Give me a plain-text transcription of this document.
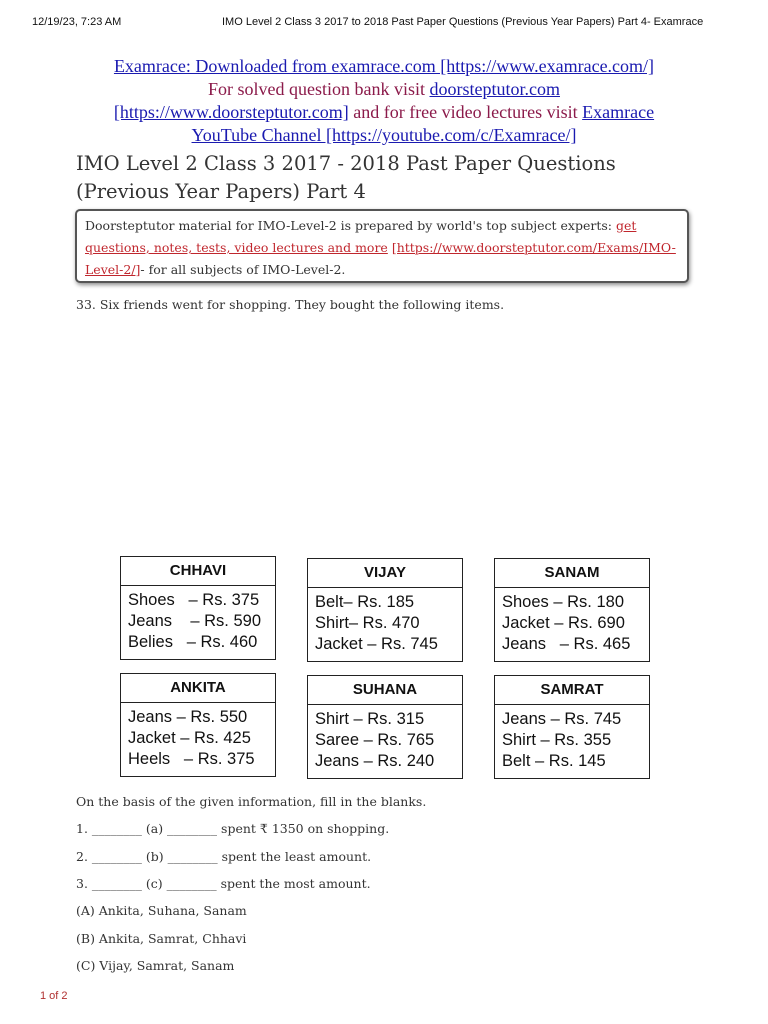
12/19/23, 7:23 AM	IMO Level 2 Class 3 2017 to 2018 Past Paper Questions (Previous Year Papers) Part 4- Examrace
Examrace: Downloaded from examrace.com [https://www.examrace.com/]
For solved question bank visit doorsteptutor.com
[https://www.doorsteptutor.com] and for free video lectures visit Examrace
YouTube Channel [https://youtube.com/c/Examrace/]
IMO Level 2 Class 3 2017 - 2018 Past Paper Questions (Previous Year Papers) Part 4
Doorsteptutor material for IMO-Level-2 is prepared by world's top subject experts: get questions, notes, tests, video lectures and more [https://www.doorsteptutor.com/Exams/IMO-Level-2/]- for all subjects of IMO-Level-2.
33. Six friends went for shopping. They bought the following items.
CHHAVI
Shoes   – Rs. 375
Jeans    – Rs. 590
Belies   – Rs. 460
VIJAY
Belt– Rs. 185
Shirt– Rs. 470
Jacket – Rs. 745
SANAM
Shoes – Rs. 180
Jacket – Rs. 690
Jeans   – Rs. 465
ANKITA
Jeans – Rs. 550
Jacket – Rs. 425
Heels   – Rs. 375
SUHANA
Shirt – Rs. 315
Saree – Rs. 765
Jeans – Rs. 240
SAMRAT
Jeans – Rs. 745
Shirt – Rs. 355
Belt – Rs. 145
On the basis of the given information, fill in the blanks.
1. ________ (a) ________ spent ₹ 1350 on shopping.
2. ________ (b) ________ spent the least amount.
3. ________ (c) ________ spent the most amount.
(A) Ankita, Suhana, Sanam
(B) Ankita, Samrat, Chhavi
(C) Vijay, Samrat, Sanam
1 of 2
